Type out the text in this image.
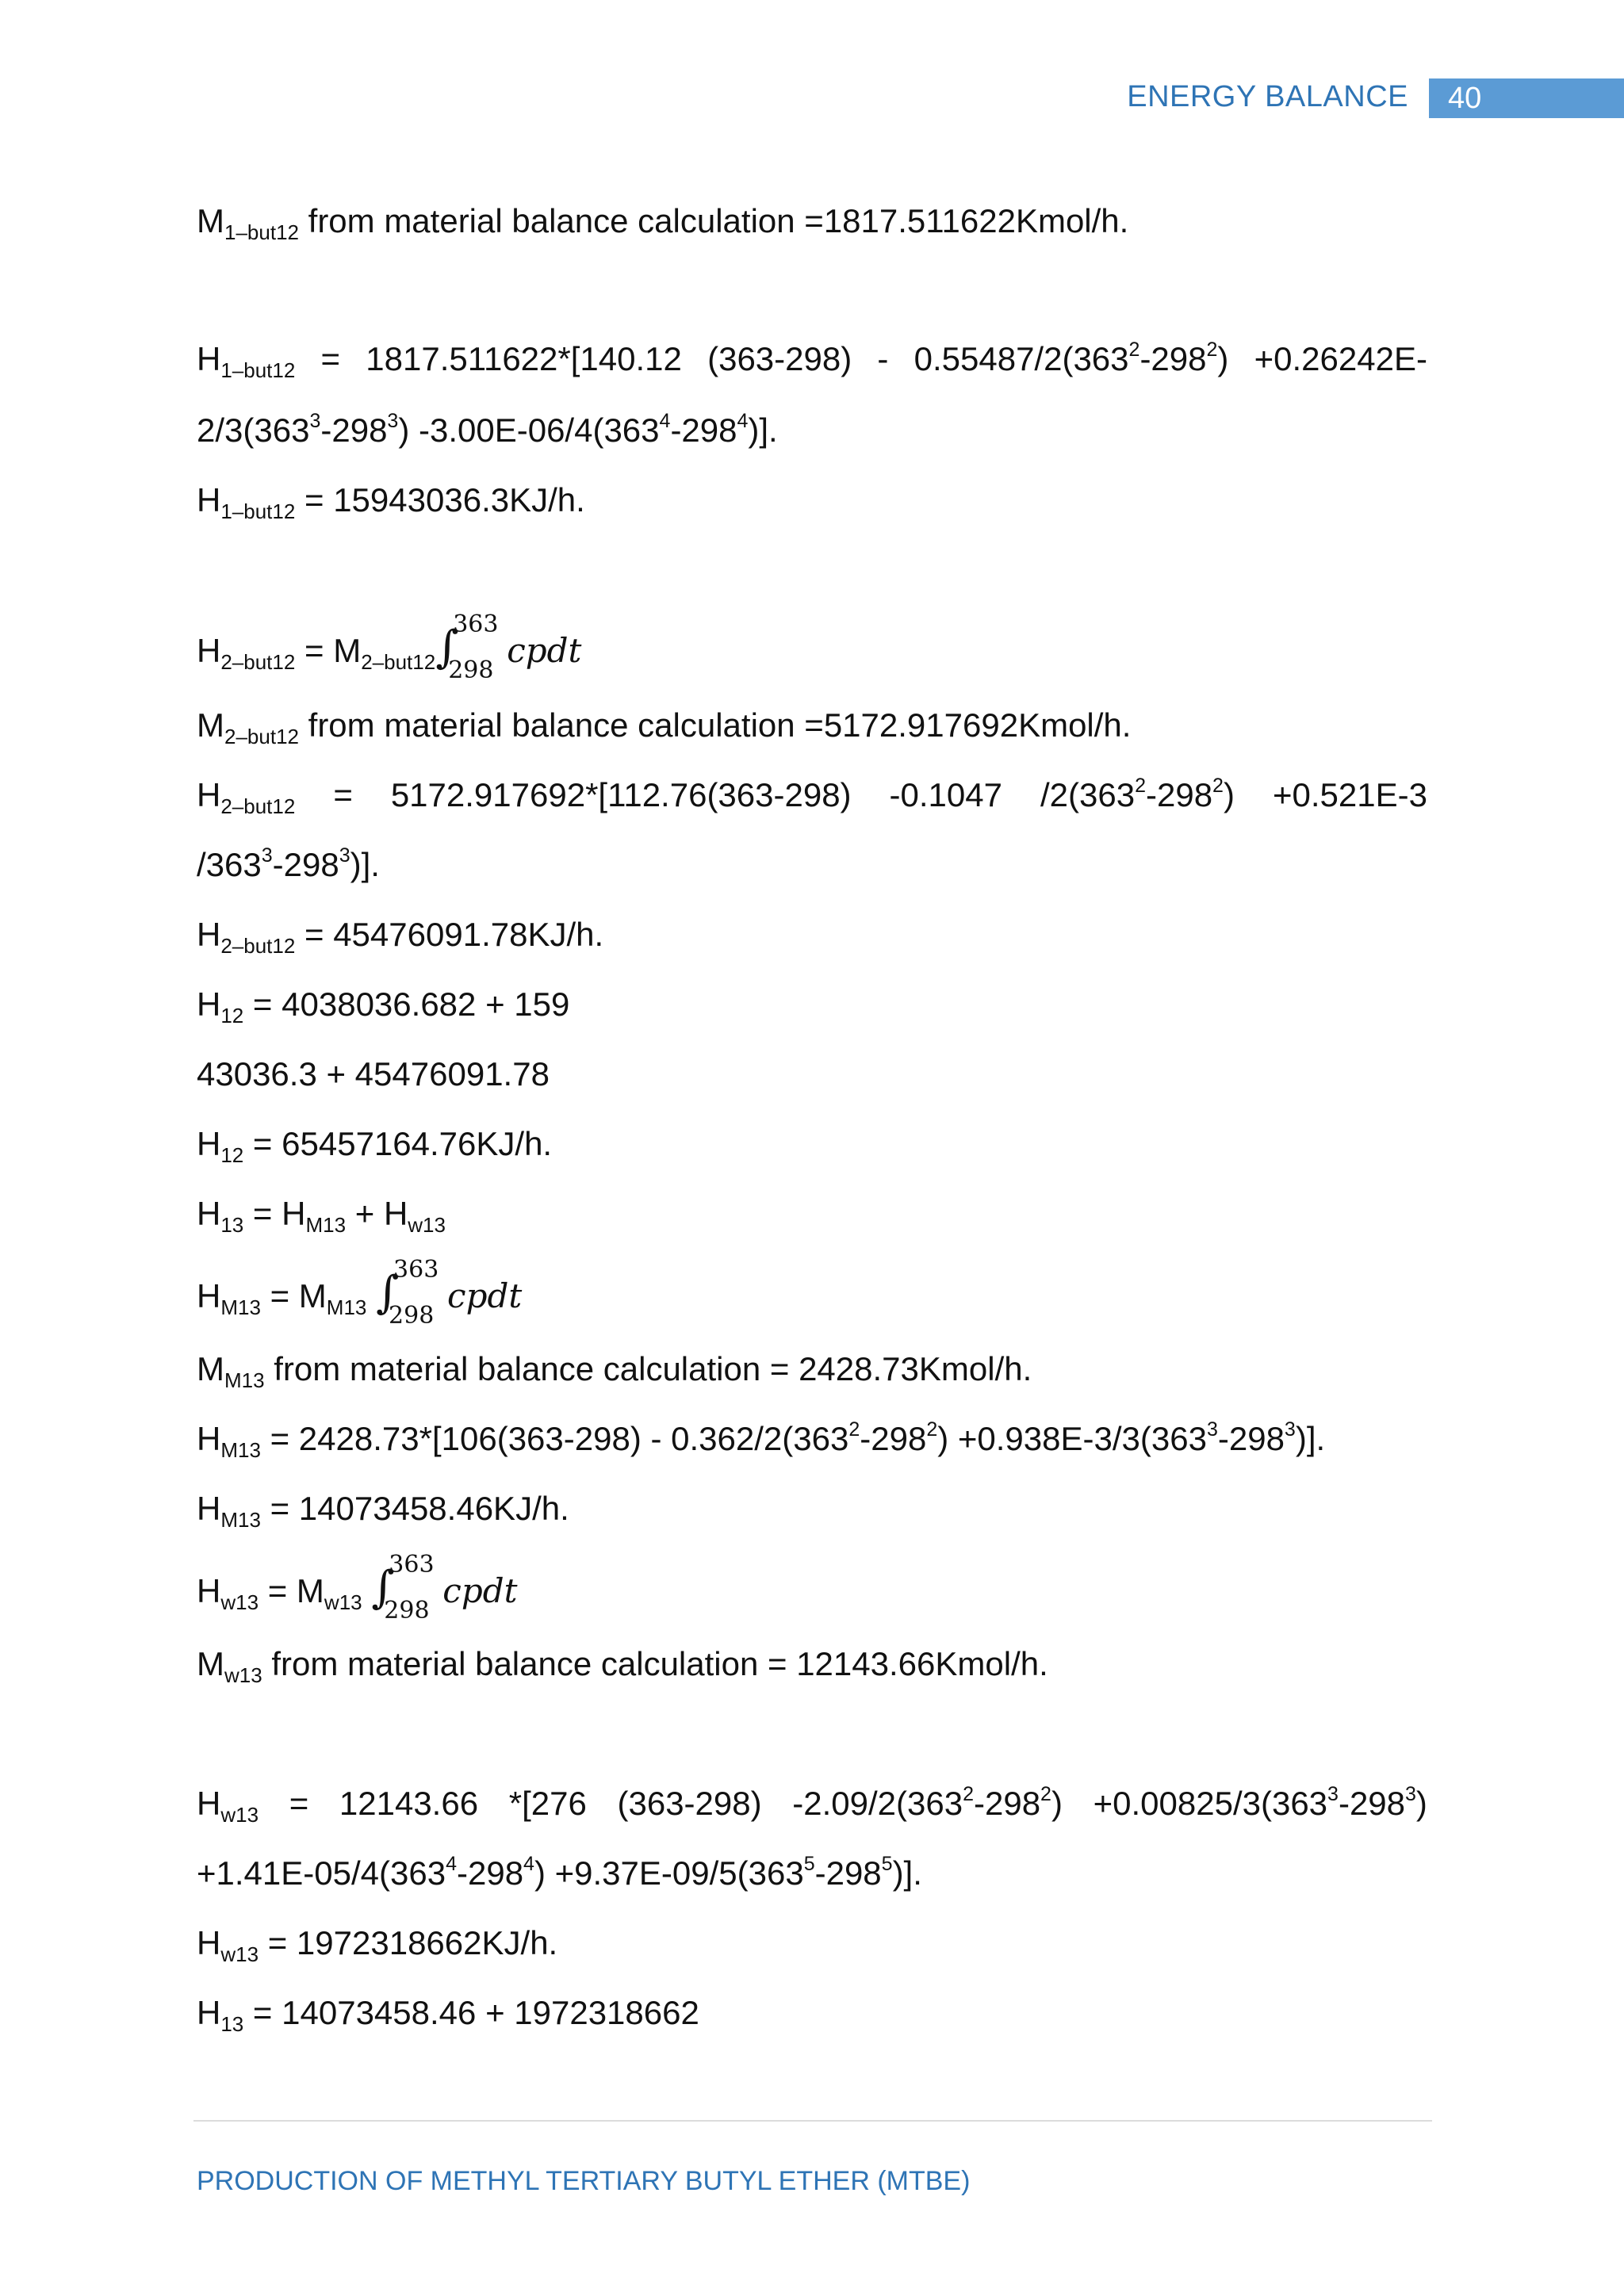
ENERGY BALANCE	40
$M_{1-but12}$ from material balance calculation =1817.511622Kmol/h.
$H_{1-but12} = 1817.511622*[140.12$ $(363-298) - 0.55487/2(363^2-298^2) +0.26242E-$
$2/3(363^3-298^3)$ $-3.00E-06/4(363^4-298^4)$].
$H_{1-but12} = 15943036.3KJ/h$.
$H_{2-but12} = M_{2-but12}$ ∫
363
298
cpdt
$M_{2-but12}$ from material balance calculation =5172.917692Kmol/h.
$H_{2-but12} = 5172.917692*[112.76(363-298)$ -0.1047 $/2(363^2-298^2) +0.521E-3$
$/363^3-298^3$)].
$H_{2-but12} = 45476091.78KJ/h$.
$H_{12} = 4038036.682 + 159$
43036.3 + 45476091.78
$H_{12} = 65457164.76KJ/h$.
$H_{13} = H_{M13} + H_{w13}$
$H_{M13} = M_{M13}$ ∫
363
298
cpdt
$M_{M13}$ from material balance calculation = 2428.73Kmol/h.
$H_{M13} = 2428.73*[106(363-298) - 0.362/2(363^2-298^2) +0.938E-3/3(363^3-298^3)]$.
$H_{M13} = 14073458.46KJ/h$.
$H_{w13} = M_{w13}$ ∫
363
298
cpdt
$M_{w13}$ from material balance calculation = 12143.66Kmol/h.
$H_{w13} = 12143.66$ *[276 (363-298) $-2.09/2(363^2-298^2) +0.00825/3(363^3-298^3)$
$+1.41E-05/4(363^4-298^4) +9.37E-09/5(363^5-298^5)$].
$H_{w13} = 1972318662KJ/h$.
$H_{13} = 14073458.46 + 1972318662$
PRODUCTION OF METHYL TERTIARY BUTYL ETHER (MTBE)
